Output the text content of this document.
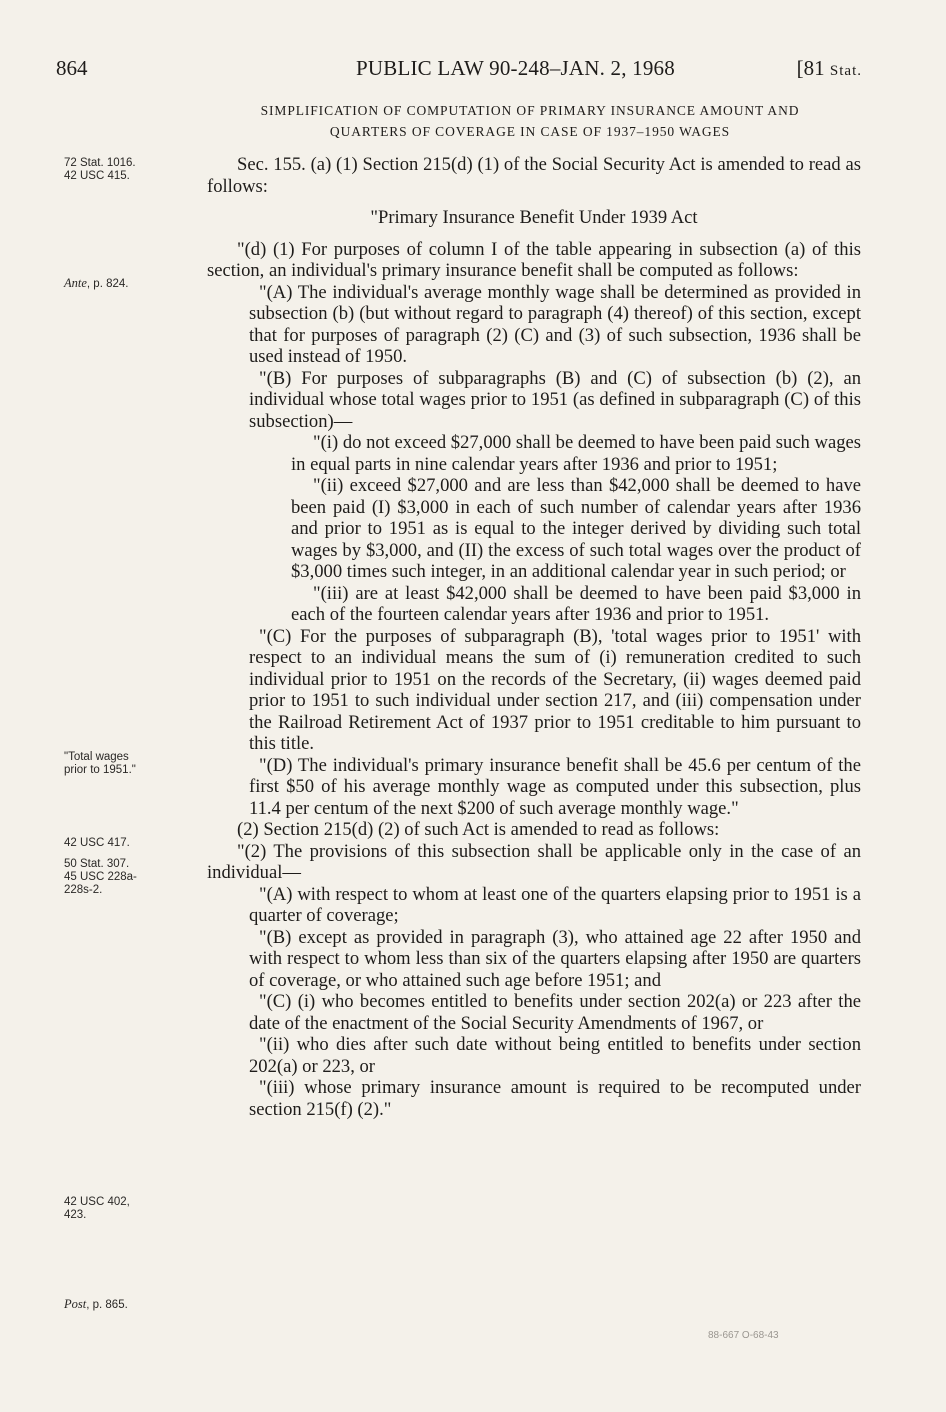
864	PUBLIC LAW 90-248–JAN. 2, 1968	[81 Stat.
SIMPLIFICATION OF COMPUTATION OF PRIMARY INSURANCE AMOUNT AND
QUARTERS OF COVERAGE IN CASE OF 1937–1950 WAGES
72 Stat. 1016.
42 USC 415.
Ante, p. 824.
"Total wages
prior to 1951."
42 USC 417.
50 Stat. 307.
45 USC 228a-
228s-2.
42 USC 402,
423.
Post, p. 865.

Sec. 155. (a) (1) Section 215(d) (1) of the Social Security Act is amended to read as follows:

"Primary Insurance Benefit Under 1939 Act

"(d) (1) For purposes of column I of the table appearing in subsection (a) of this section, an individual's primary insurance benefit shall be computed as follows:

"(A) The individual's average monthly wage shall be determined as provided in subsection (b) (but without regard to paragraph (4) thereof) of this section, except that for purposes of paragraph (2) (C) and (3) of such subsection, 1936 shall be used instead of 1950.

"(B) For purposes of subparagraphs (B) and (C) of subsection (b) (2), an individual whose total wages prior to 1951 (as defined in subparagraph (C) of this subsection)—

"(i) do not exceed $27,000 shall be deemed to have been paid such wages in equal parts in nine calendar years after 1936 and prior to 1951;

"(ii) exceed $27,000 and are less than $42,000 shall be deemed to have been paid (I) $3,000 in each of such number of calendar years after 1936 and prior to 1951 as is equal to the integer derived by dividing such total wages by $3,000, and (II) the excess of such total wages over the product of $3,000 times such integer, in an additional calendar year in such period; or

"(iii) are at least $42,000 shall be deemed to have been paid $3,000 in each of the fourteen calendar years after 1936 and prior to 1951.

"(C) For the purposes of subparagraph (B), 'total wages prior to 1951' with respect to an individual means the sum of (i) remuneration credited to such individual prior to 1951 on the records of the Secretary, (ii) wages deemed paid prior to 1951 to such individual under section 217, and (iii) compensation under the Railroad Retirement Act of 1937 prior to 1951 creditable to him pursuant to this title.

"(D) The individual's primary insurance benefit shall be 45.6 per centum of the first $50 of his average monthly wage as computed under this subsection, plus 11.4 per centum of the next $200 of such average monthly wage."

(2) Section 215(d) (2) of such Act is amended to read as follows:

"(2) The provisions of this subsection shall be applicable only in the case of an individual—

"(A) with respect to whom at least one of the quarters elapsing prior to 1951 is a quarter of coverage;

"(B) except as provided in paragraph (3), who attained age 22 after 1950 and with respect to whom less than six of the quarters elapsing after 1950 are quarters of coverage, or who attained such age before 1951; and

"(C) (i) who becomes entitled to benefits under section 202(a) or 223 after the date of the enactment of the Social Security Amendments of 1967, or

"(ii) who dies after such date without being entitled to benefits under section 202(a) or 223, or

"(iii) whose primary insurance amount is required to be recomputed under section 215(f) (2)."

88-667 O-68-43
